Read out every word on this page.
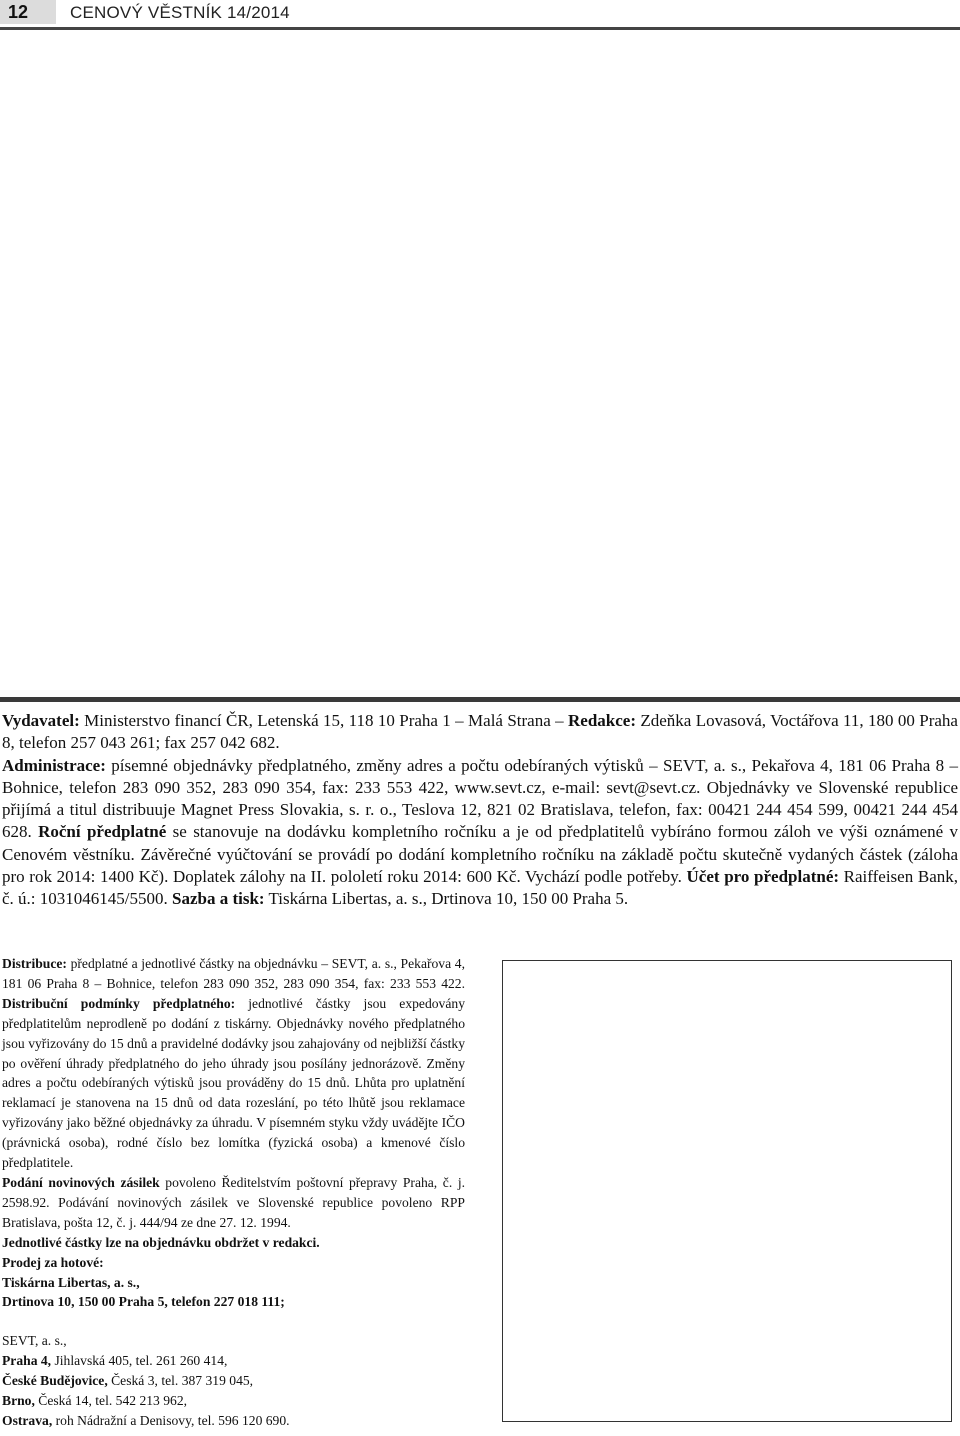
12 CENOVÝ VĚSTNÍK 14/2014

Vydavatel: Ministerstvo financí ČR, Letenská 15, 118 10 Praha 1 – Malá Strana – Redakce: Zdeňka Lovasová, Voctářova 11, 180 00 Praha 8, telefon 257 043 261; fax 257 042 682.

Administrace: písemné objednávky předplatného, změny adres a počtu odebíraných výtisků – SEVT, a. s., Pekařova 4, 181 06 Praha 8 – Bohnice, telefon 283 090 352, 283 090 354, fax: 233 553 422, www.sevt.cz, e-mail: sevt@sevt.cz. Objednávky ve Slovenské republice přijímá a titul distribuuje Magnet Press Slovakia, s. r. o., Teslova 12, 821 02 Bratislava, telefon, fax: 00421 244 454 599, 00421 244 454 628. Roční předplatné se stanovuje na dodávku kompletního ročníku a je od předplatitelů vybíráno formou záloh ve výši oznámené v Cenovém věstníku. Závěrečné vyúčtování se provádí po dodání kompletního ročníku na základě počtu skutečně vydaných částek (záloha pro rok 2014: 1400 Kč). Doplatek zálohy na II. pololetí roku 2014: 600 Kč. Vychází podle potřeby. Účet pro předplatné: Raiffeisen Bank, č. ú.: 1031046145/5500. Sazba a tisk: Tiskárna Libertas, a. s., Drtinova 10, 150 00 Praha 5.

Distribuce: předplatné a jednotlivé částky na objednávku – SEVT, a. s., Pekařova 4, 181 06 Praha 8 – Bohnice, telefon 283 090 352, 283 090 354, fax: 233 553 422. Distribuční podmínky předplatného: jednotlivé částky jsou expedovány předplatitelům neprodleně po dodání z tiskárny. Objednávky nového předplatného jsou vyřizovány do 15 dnů a pravidelné dodávky jsou zahajovány od nejbližší částky po ověření úhrady předplatného do jeho úhrady jsou posílány jednorázově. Změny adres a počtu odebíraných výtisků jsou prováděny do 15 dnů. Lhůta pro uplatnění reklamací je stanovena na 15 dnů od data rozeslání, po této lhůtě jsou reklamace vyřizovány jako běžné objednávky za úhradu. V písemném styku vždy uvádějte IČO (právnická osoba), rodné číslo bez lomítka (fyzická osoba) a kmenové číslo předplatitele.

Podání novinových zásilek povoleno Ředitelstvím poštovní přepravy Praha, č. j. 2598.92. Podávání novinových zásilek ve Slovenské republice povoleno RPP Bratislava, pošta 12, č. j. 444/94 ze dne 27. 12. 1994.

Jednotlivé částky lze na objednávku obdržet v redakci.

Prodej za hotové:

Tiskárna Libertas, a. s.,

Drtinova 10, 150 00 Praha 5, telefon 227 018 111;

SEVT, a. s.,

Praha 4, Jihlavská 405, tel. 261 260 414,

České Budějovice, Česká 3, tel. 387 319 045,

Brno, Česká 14, tel. 542 213 962,

Ostrava, roh Nádražní a Denisovy, tel. 596 120 690.
